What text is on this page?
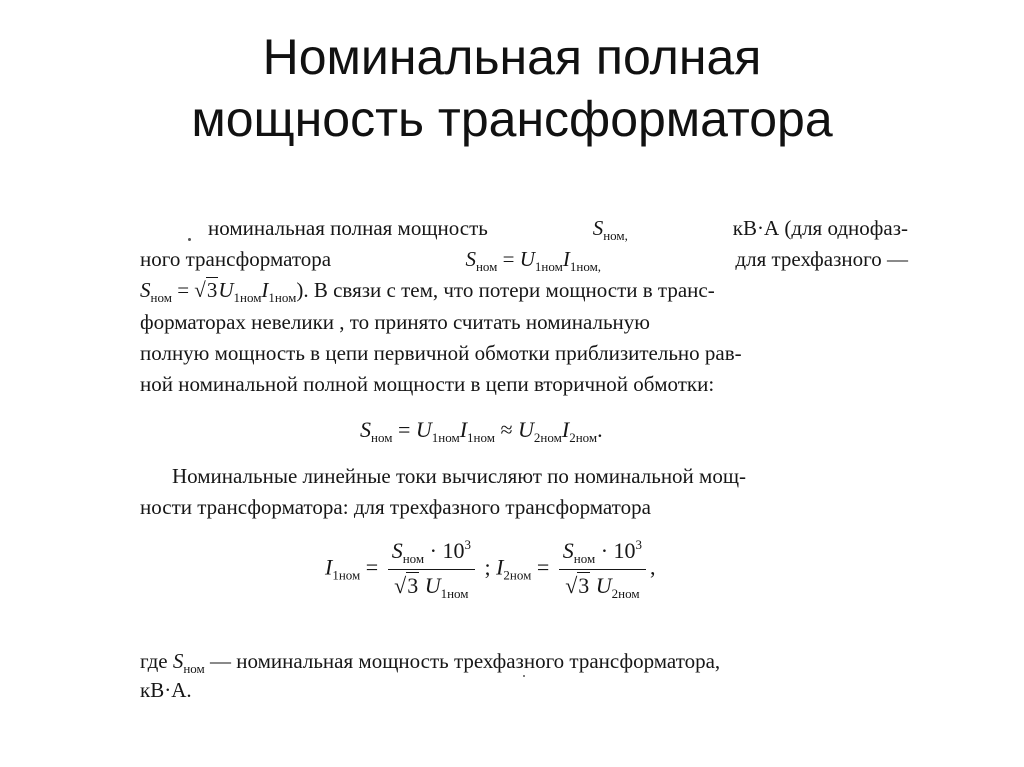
Номинальная полная
мощность трансформатора
номинальная полная мощность	$S_{ном,}$	кВ·А (для однофаз-
ного трансформатора	$S_{ном} = U_{1ном}I_{1ном,}$	для трехфазного —
$S_{ном} = √3U_{1ном}I_{1ном}$). В связи с тем, что потери мощности в транс-
форматорах невелики , то принято считать номинальную
полную мощность в цепи первичной обмотки приблизительно рав-
ной номинальной полной мощности в цепи вторичной обмотки:
$S_{ном} = U_{1ном}I_{1ном} \approx U_{2ном}I_{2ном}$.
Номинальные линейные токи вычисляют по номинальной мощ-
ности трансформатора: для трехфазного трансформатора
$I_{1ном} = \frac{S_{ном} \cdot 10^3}{√3 U_{1ном}}$ ; $I_{2ном} = \frac{S_{ном} \cdot 10^3}{√3 U_{2ном}}$ ,
где $S_{ном}$ — номинальная мощность трехфазного трансформатора,
кВ·А.
